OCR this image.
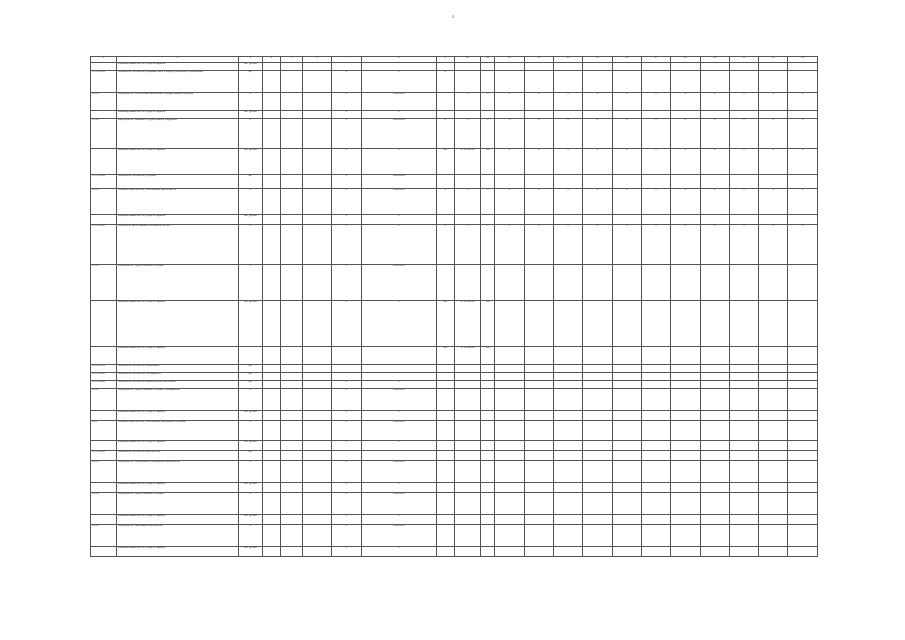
2
1	2	3	4	5	6	7	8	9	10	11	12	13	14	15	16	17	18	19	20	21	22
	финансирование за счет средств бюджета	тыс. рублей																			
1.1.2.1.0001	Показатель. Количество созданных мест в сфере дошкольного образования	ед.				Х	Х	0													
1.1.2.1	Мероприятие. Обеспечение выполнения государственных функций	Х				Х	2018-2024		Х	Х	Х	Х	Х	Х	Х	Х	Х	Х	Х	Х	Х
	финансирование за счет средств бюджета	тыс. рублей				Х	Х														
1.1.2.2	Мероприятие. Оказание государственной поддержки	Х				Х	2018-2024	Х	Х	Х	Х	Х	Х	Х	Х	Х	Х	Х	Х	Х	Х
	финансирование за счет средств бюджета	тыс. рублей				Х	Х	804	17.0.0.99999	612	0	0	0	0	0	0	0	0	0	0	0
1.1.3.1.0001	Показатель. Количество субсидий	ед.				Х	2018-2024														
1.1.3.1	Основное мероприятие. Обеспечение деятельности	Х				Х	2018-2024	Х	Х	Х	Х	Х	Х	Х	Х	Х	Х	Х	Х	Х	Х
	финансирование за счет средств бюджета	тыс. рублей				Х	Х														
1.1.3.1.0002	Показатель. Доля граждан, получивших услуги	%				Х	Х	Х	Х	Х	Х	Х	Х	Х	Х	Х	Х	Х	Х	Х	Х
1.1.3.2	Мероприятие. Предоставление субсидий	Х				Х	2018-2024														
	финансирование за счет средств бюджета	тыс. рублей				Х	Х	804	17.0.0.99999	612											
	финансирование за счет средств бюджета							804	17.0.0.99999	612											
1.1.4.1.0001	Показатель. Количество организаций	ед.																			
1.1.4.1.0002	Показатель. Количество обучающихся	ед.																			
1.1.4.1.0003	Показатель. Количество педагогических работников	ед.				Х	Х														
1.1.4.1	Мероприятие. Предоставление субсидий учреждениям	Х				Х	2018-2024														
	финансирование за счет средств бюджета	тыс. рублей				Х	Х														
1.1.5	Основное мероприятие. Обеспечение реализации программ	Х				Х	2018-2024														
	финансирование за счет средств бюджета	тыс. рублей				Х	Х														
1.1.5.1.0001	Показатель. Количество мероприятий	ед.																			
1.1.5.1	Мероприятие. Организация и проведение мероприятий	Х				Х	2018-2024														
	финансирование за счет средств бюджета	тыс. рублей				Х	Х														
1.1.5.2	Мероприятие. Предоставление субсидий	Х				Х	2018-2024														
	финансирование за счет средств бюджета	тыс. рублей				Х	Х														
1.1.5.3	Мероприятие. Реализация мероприятий	Х				Х	2018-2024														
	финансирование за счет средств бюджета	тыс. рублей				Х	Х														
